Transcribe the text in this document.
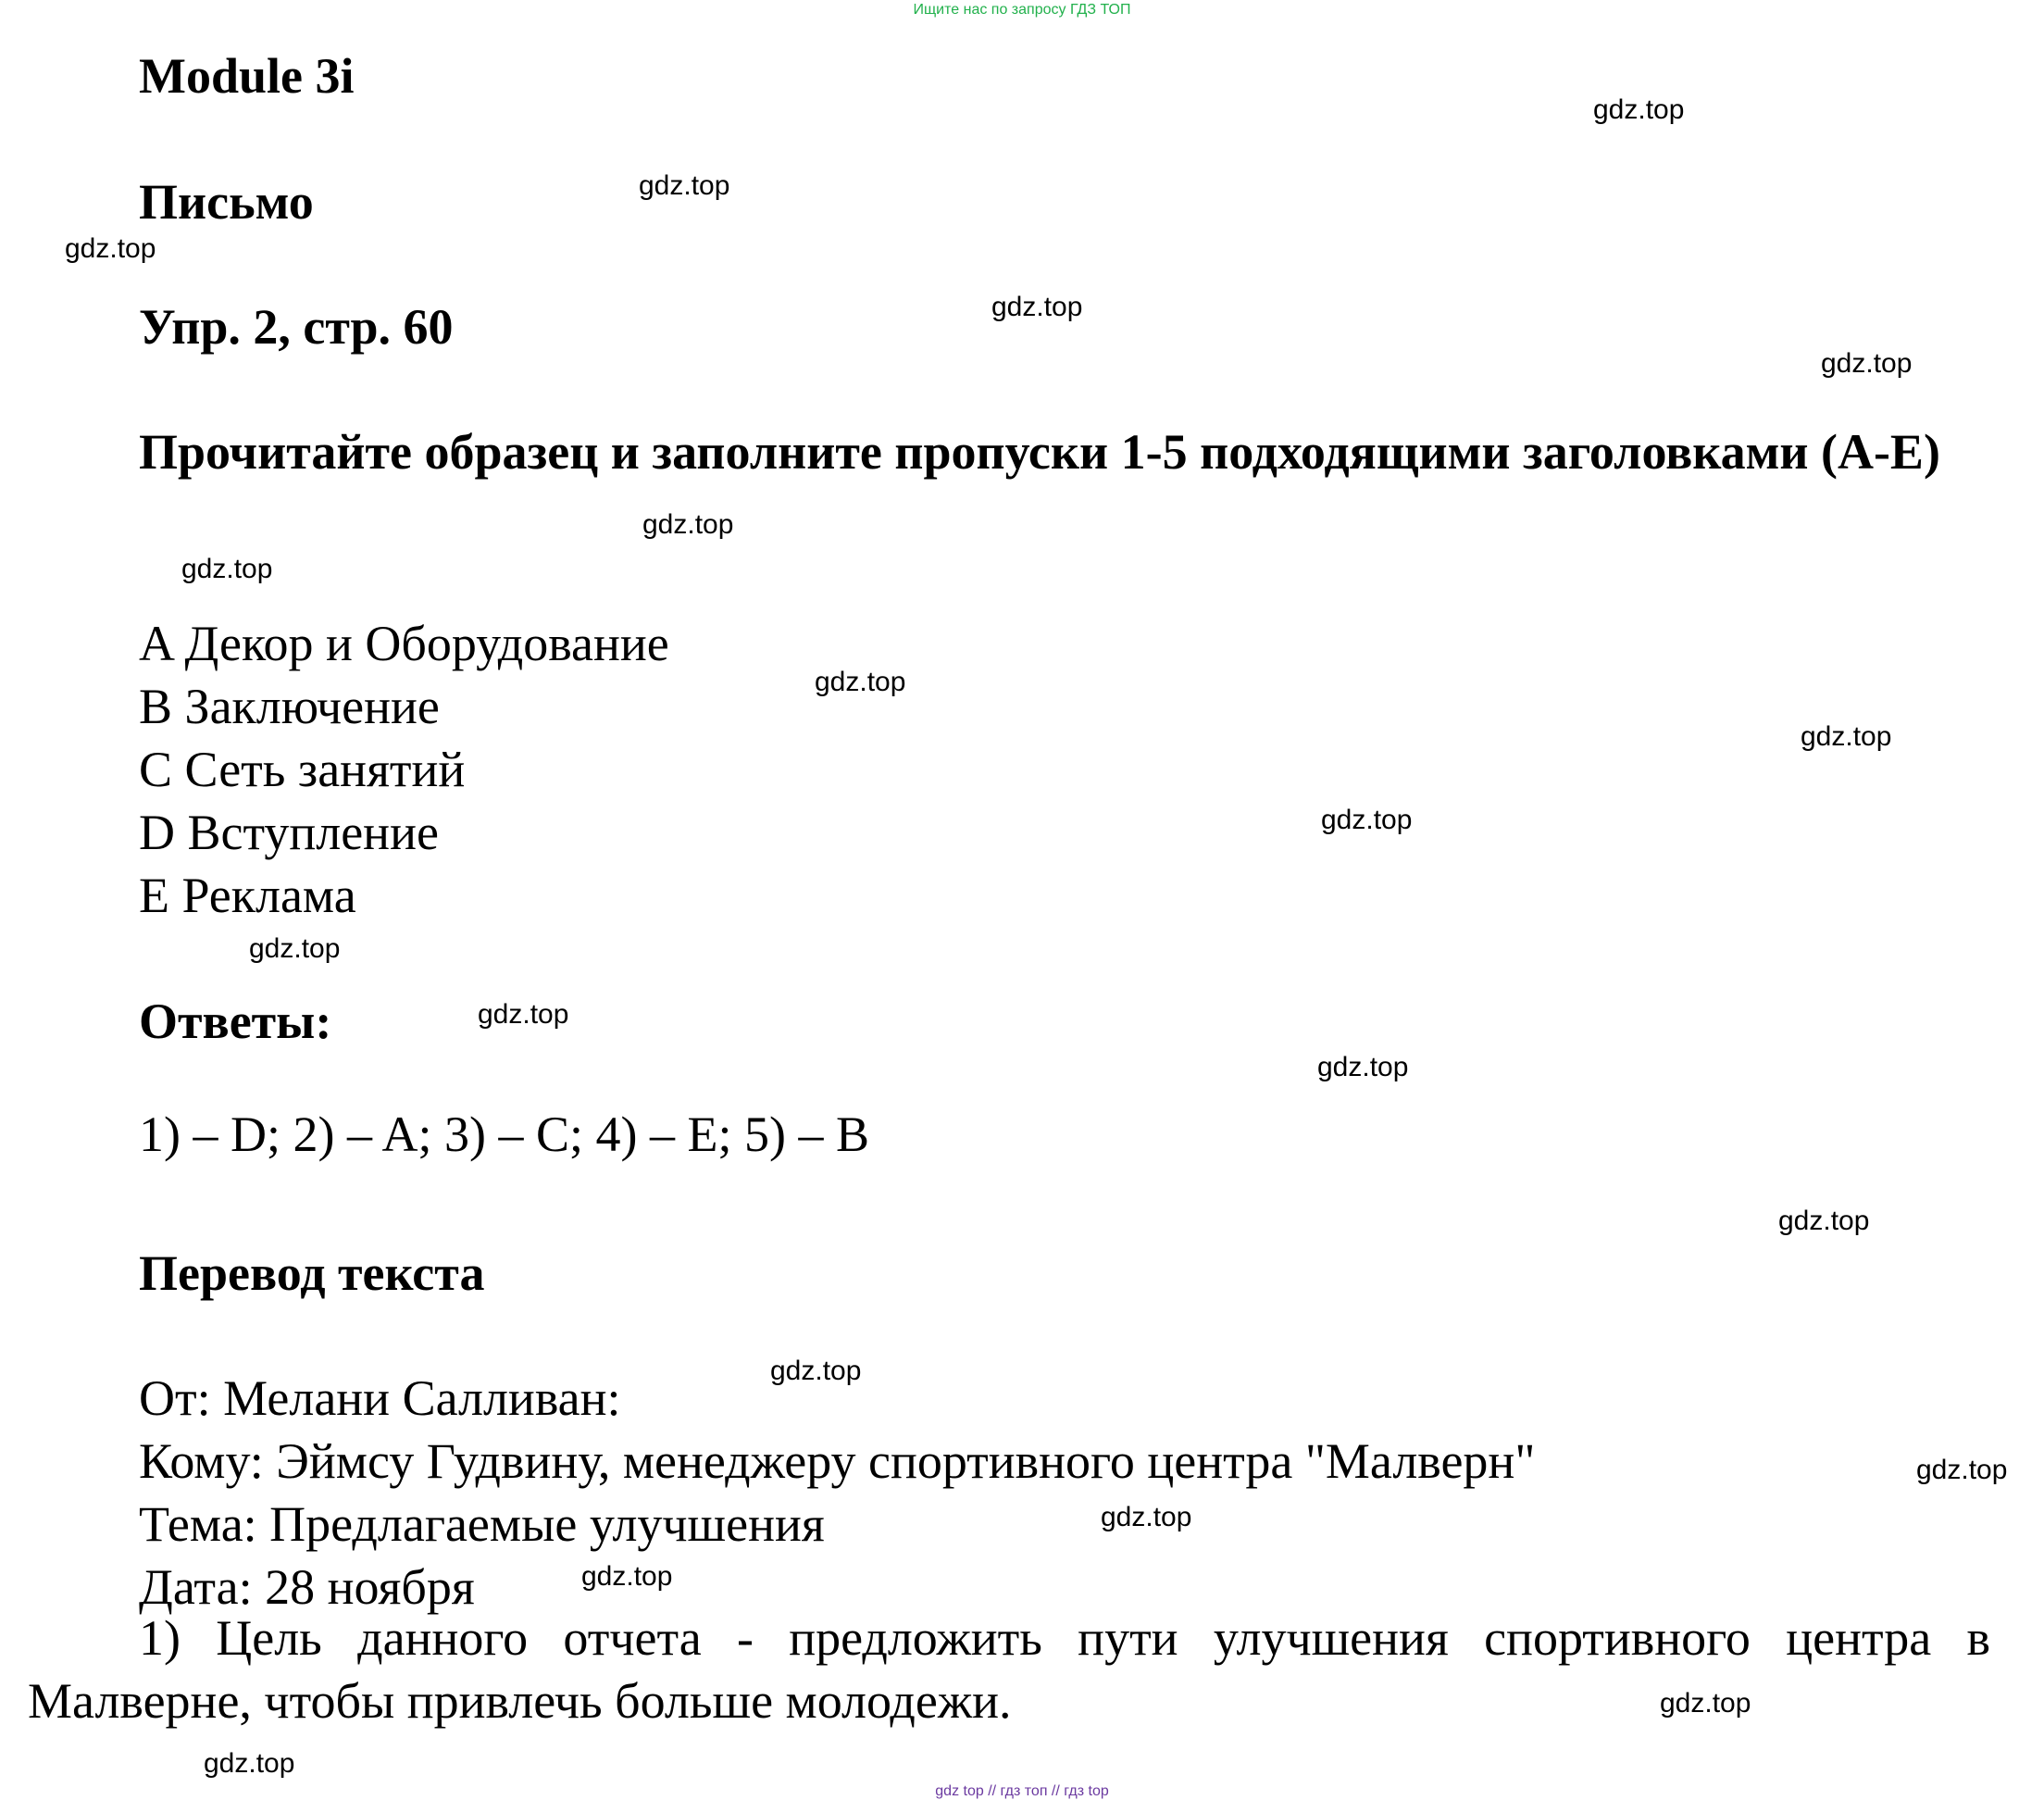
Ищите нас по запросу ГДЗ ТОП
Module 3i
Письмо
Упр. 2, стр. 60
Прочитайте образец и заполните пропуски 1-5 подходящими заголовками (A-E)
A Декор и Оборудование
B Заключение
C Сеть занятий
D Вступление
E Реклама
Ответы:
1) – D; 2) – A; 3) – C; 4) – E; 5) – B
Перевод текста
От: Мелани Салливан:
Кому: Эймсу Гудвину, менеджеру спортивного центра "Малверн"
Тема: Предлагаемые улучшения
Дата: 28 ноября
1) Цель данного отчета - предложить пути улучшения спортивного центра в Малверне, чтобы привлечь больше молодежи.
gdz.top
gdz.top
gdz.top
gdz.top
gdz.top
gdz.top
gdz.top
gdz.top
gdz.top
gdz.top
gdz.top
gdz.top
gdz.top
gdz.top
gdz.top
gdz.top
gdz.top
gdz.top
gdz.top
gdz.top
gdz top // гдз топ // гдз top
